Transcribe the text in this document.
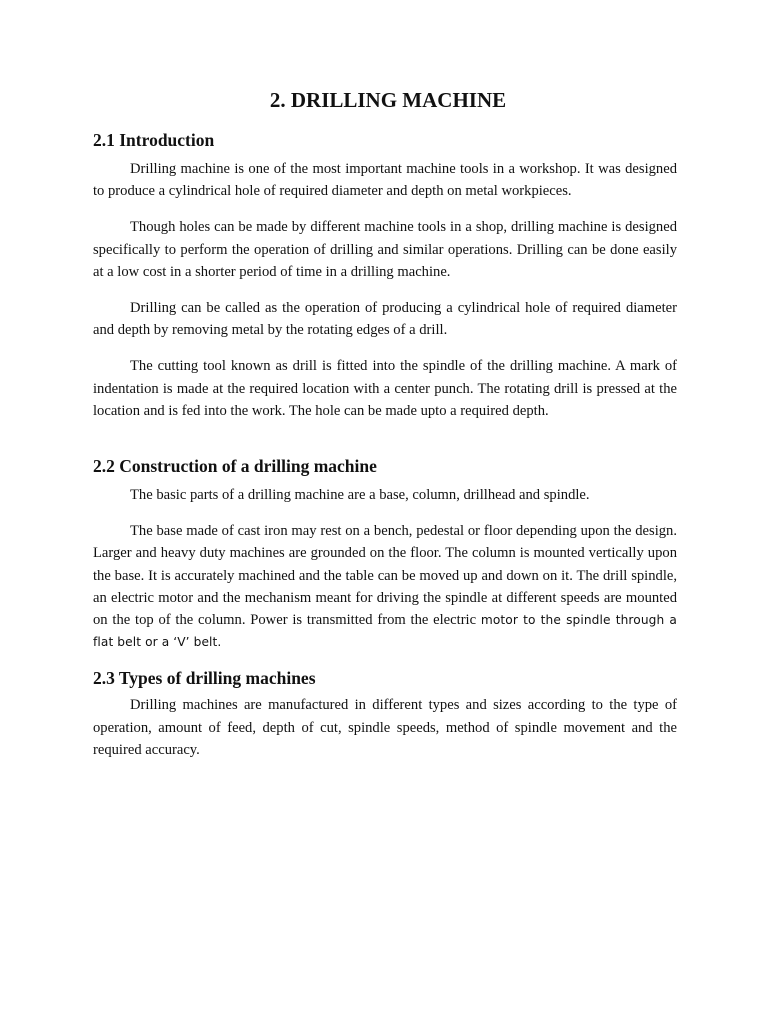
2. DRILLING MACHINE
2.1 Introduction

Drilling machine is one of the most important machine tools in a workshop. It was designed to produce a cylindrical hole of required diameter and depth on metal workpieces.

Though holes can be made by different machine tools in a shop, drilling machine is designed specifically to perform the operation of drilling and similar operations. Drilling can be done easily at a low cost in a shorter period of time in a drilling machine.

Drilling can be called as the operation of producing a cylindrical hole of required diameter and depth by removing metal by the rotating edges of a drill.

The cutting tool known as drill is fitted into the spindle of the drilling machine. A mark of indentation is made at the required location with a center punch. The rotating drill is pressed at the location and is fed into the work. The hole can be made upto a required depth.

2.2 Construction of a drilling machine

The basic parts of a drilling machine are a base, column, drillhead and spindle.

The base made of cast iron may rest on a bench, pedestal or floor depending upon the design. Larger and heavy duty machines are grounded on the floor. The column is mounted vertically upon the base. It is accurately machined and the table can be moved up and down on it. The drill spindle, an electric motor and the mechanism meant for driving the spindle at different speeds are mounted on the top of the column. Power is transmitted from the electric motor to the spindle through a flat belt or a ‘V’ belt.

2.3 Types of drilling machines

Drilling machines are manufactured in different types and sizes according to the type of operation, amount of feed, depth of cut, spindle speeds, method of spindle movement and the required accuracy.
